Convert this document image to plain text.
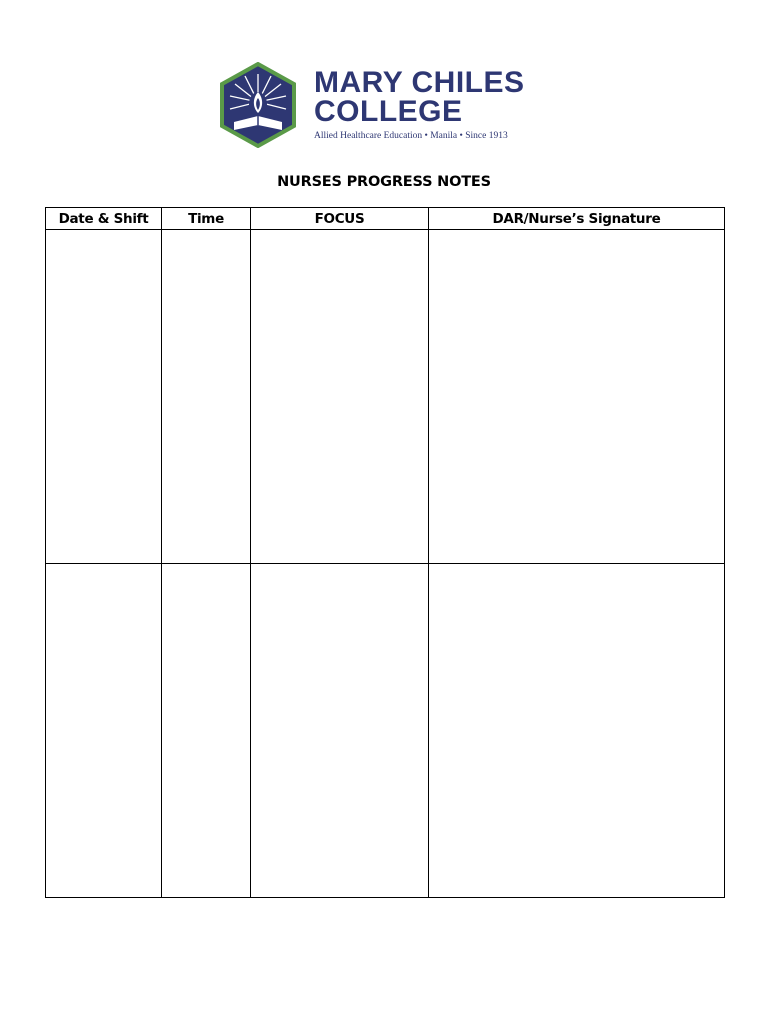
MARY CHILES
COLLEGE
Allied Healthcare Education • Manila • Since 1913
NURSES PROGRESS NOTES
Date & Shift	Time	FOCUS	DAR/Nurse’s Signature
